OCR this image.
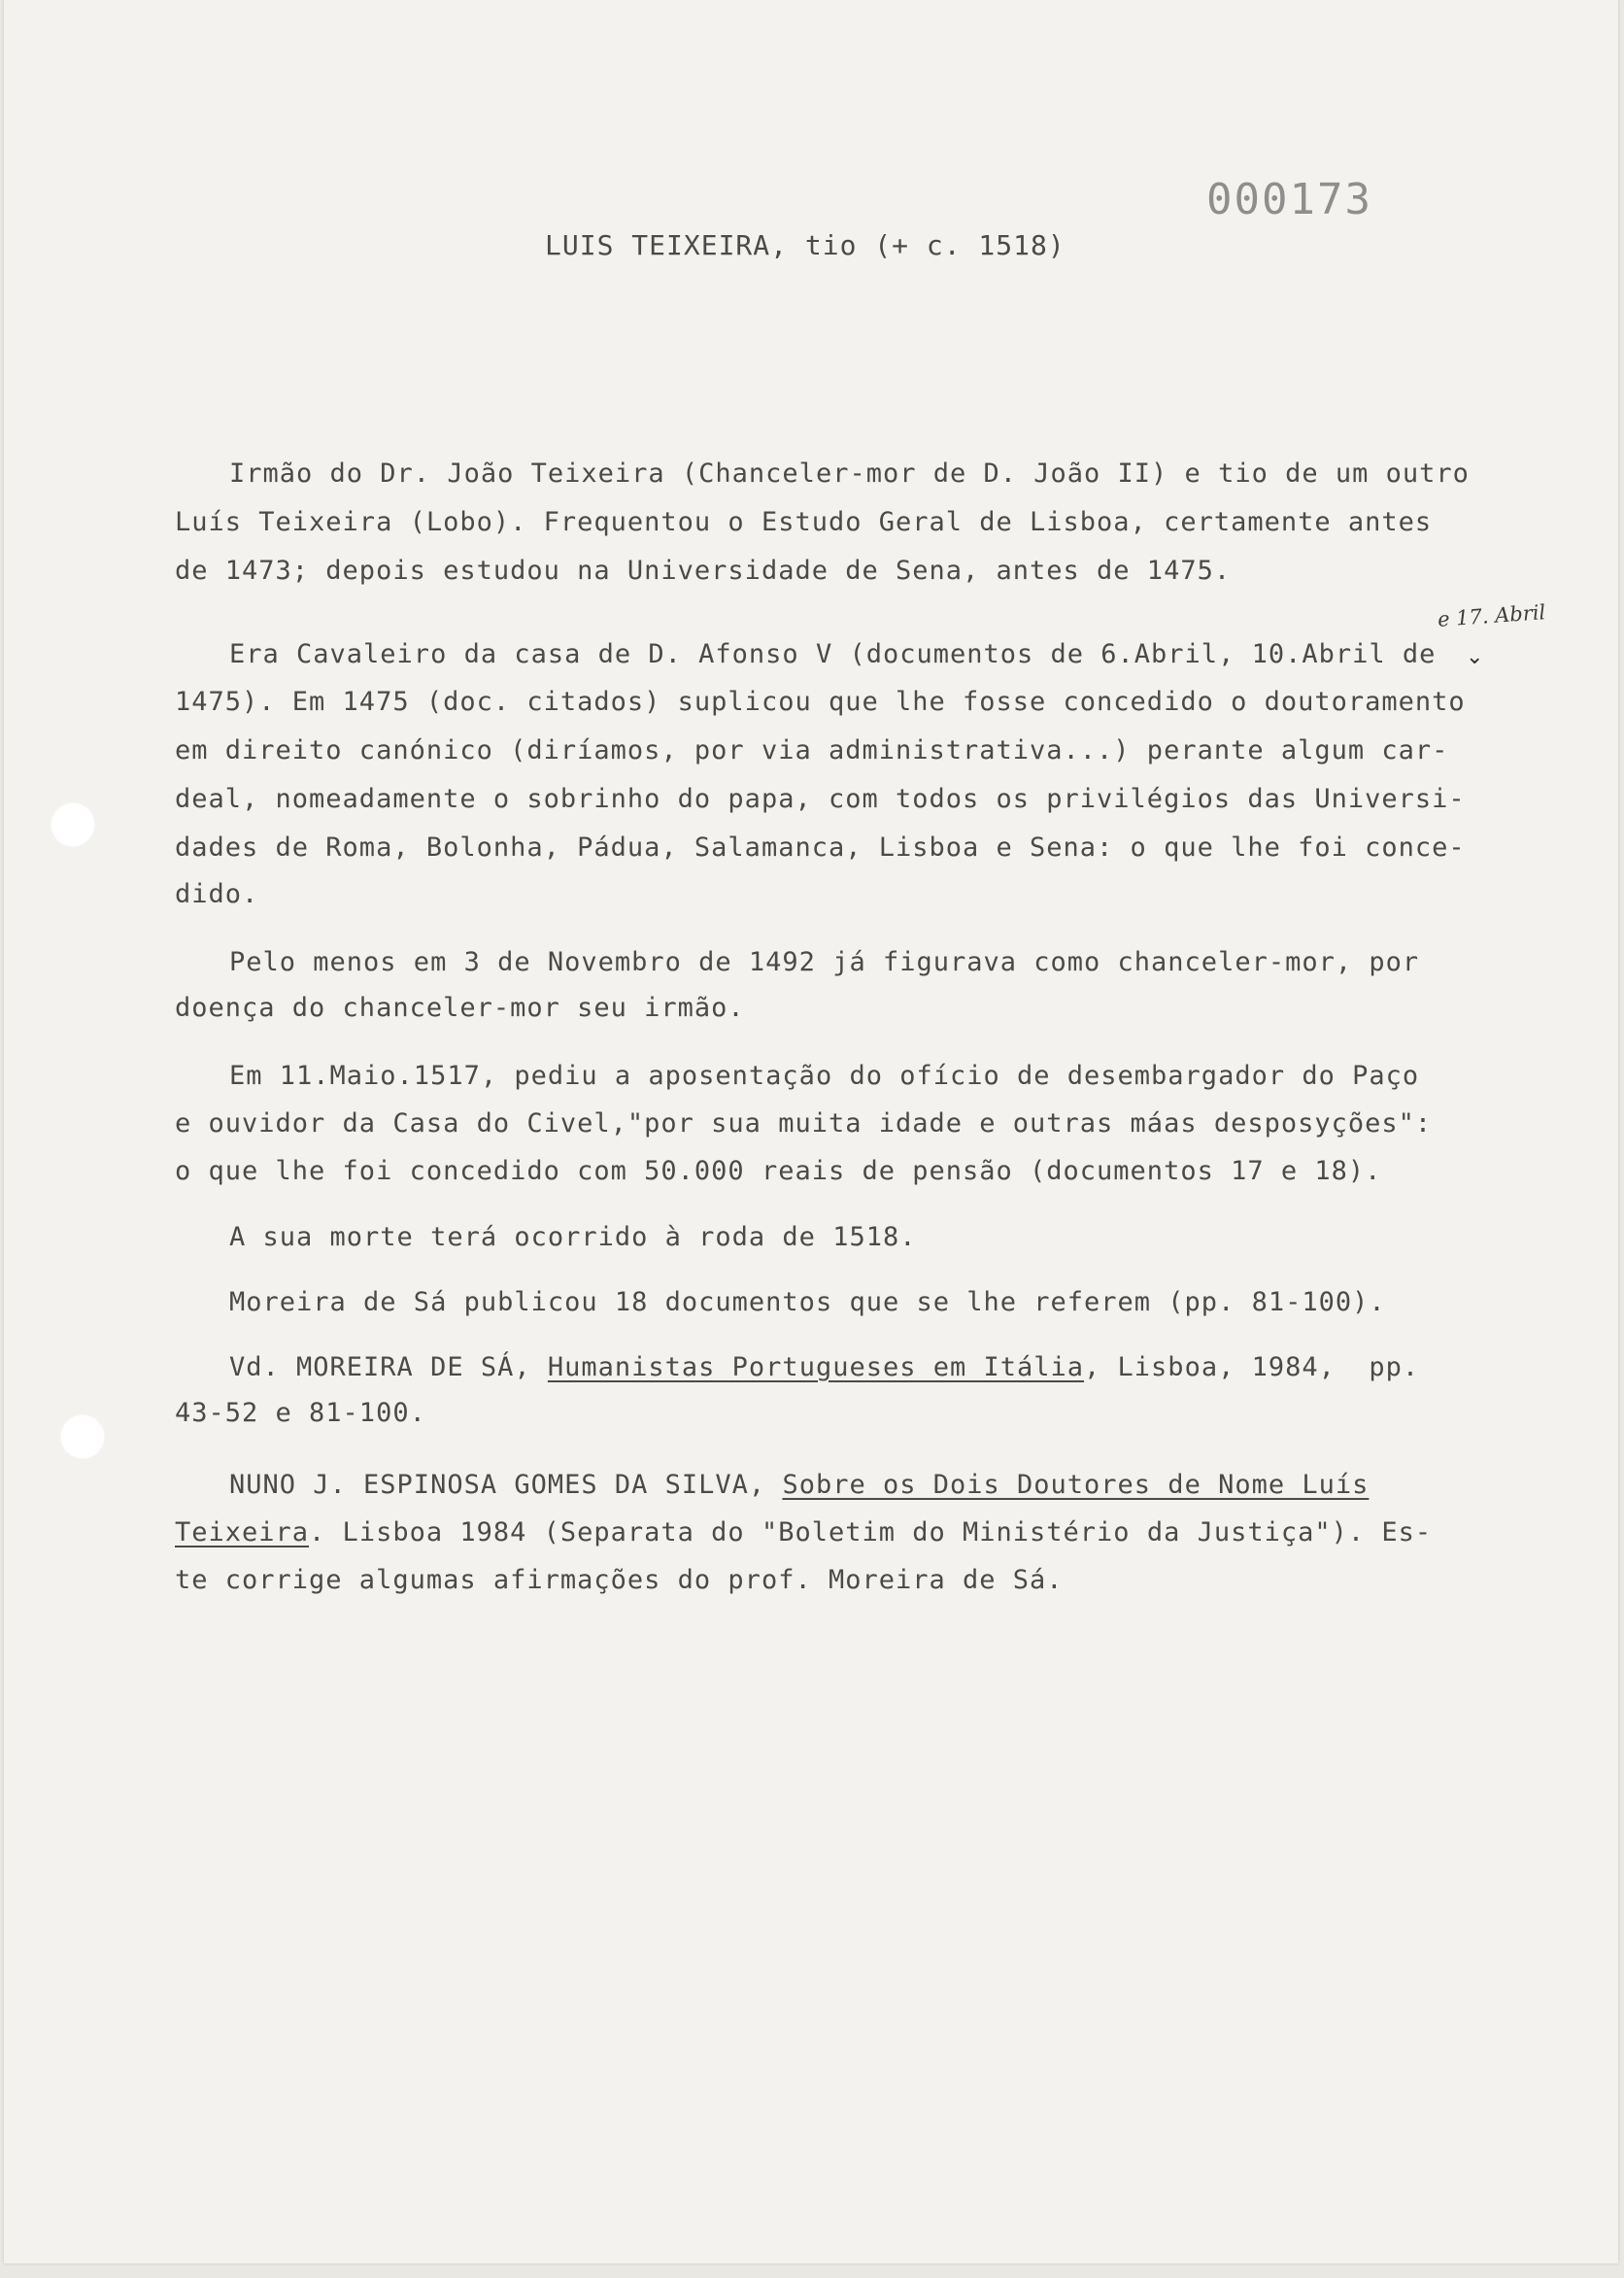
000173
LUIS TEIXEIRA, tio (+ c. 1518)
Irmão do Dr. João Teixeira (Chanceler-mor de D. João II) e tio de um outro
Luís Teixeira (Lobo). Frequentou o Estudo Geral de Lisboa, certamente antes
de 1473; depois estudou na Universidade de Sena, antes de 1475.
e 17. Abril
Era Cavaleiro da casa de D. Afonso V (documentos de 6.Abril, 10.Abril de ⌄
1475). Em 1475 (doc. citados) suplicou que lhe fosse concedido o doutoramento
em direito canónico (diríamos, por via administrativa...) perante algum car-
deal, nomeadamente o sobrinho do papa, com todos os privilégios das Universi-
dades de Roma, Bolonha, Pádua, Salamanca, Lisboa e Sena: o que lhe foi conce-
dido.
Pelo menos em 3 de Novembro de 1492 já figurava como chanceler-mor, por
doença do chanceler-mor seu irmão.
Em 11.Maio.1517, pediu a aposentação do ofício de desembargador do Paço
e ouvidor da Casa do Civel,"por sua muita idade e outras máas desposyções":
o que lhe foi concedido com 50.000 reais de pensão (documentos 17 e 18).
A sua morte terá ocorrido à roda de 1518.
Moreira de Sá publicou 18 documentos que se lhe referem (pp. 81-100).
Vd. MOREIRA DE SÁ, Humanistas Portugueses em Itália, Lisboa, 1984,  pp.
43-52 e 81-100.
NUNO J. ESPINOSA GOMES DA SILVA, Sobre os Dois Doutores de Nome Luís
Teixeira. Lisboa 1984 (Separata do "Boletim do Ministério da Justiça"). Es-
te corrige algumas afirmações do prof. Moreira de Sá.
